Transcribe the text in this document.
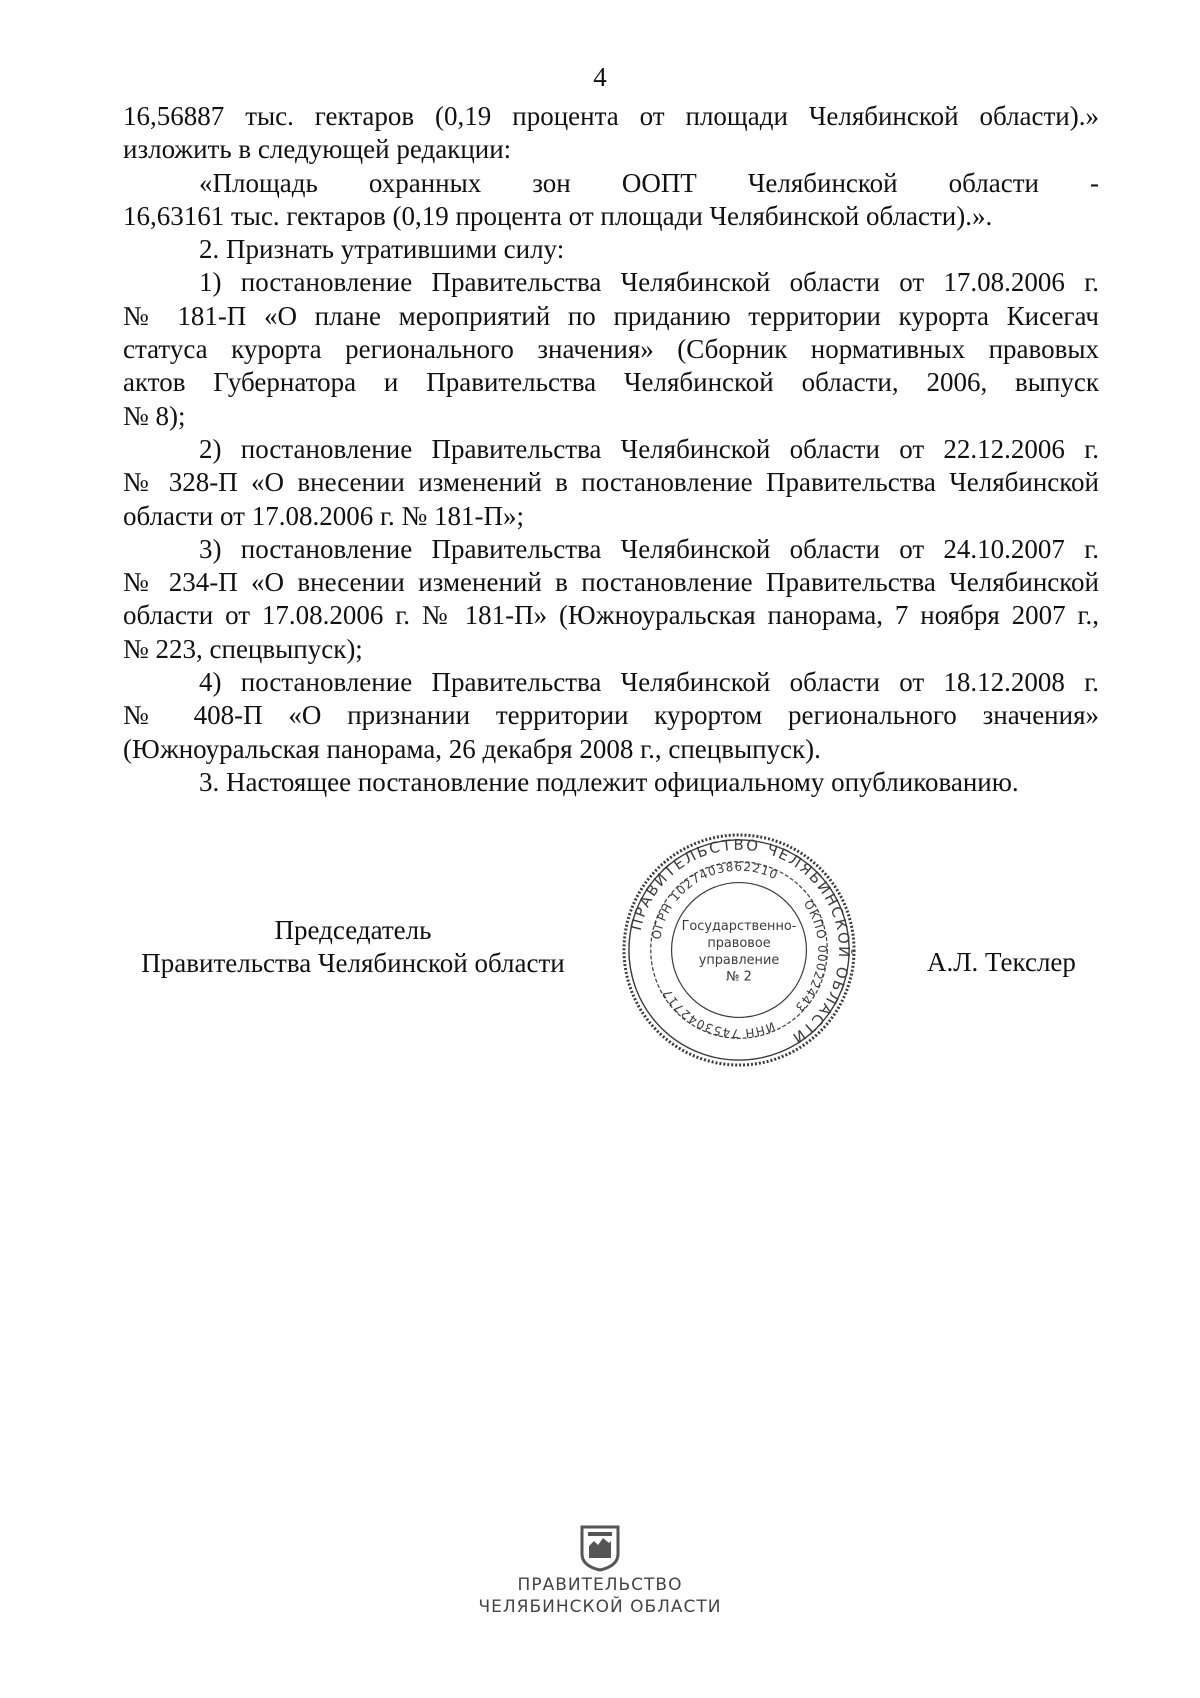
4
16,56887 тыс. гектаров (0,19 процента от площади Челябинской области).»
изложить в следующей редакции:
«Площадь охранных зон ООПТ Челябинской области -
16,63161 тыс. гектаров (0,19 процента от площади Челябинской области).».
2. Признать утратившими силу:
1) постановление Правительства Челябинской области от 17.08.2006 г.
№ 181-П «О плане мероприятий по приданию территории курорта Кисегач
статуса курорта регионального значения» (Сборник нормативных правовых
актов Губернатора и Правительства Челябинской области, 2006, выпуск
№ 8);
2) постановление Правительства Челябинской области от 22.12.2006 г.
№ 328-П «О внесении изменений в постановление Правительства Челябинской
области от 17.08.2006 г. № 181-П»;
3) постановление Правительства Челябинской области от 24.10.2007 г.
№ 234-П «О внесении изменений в постановление Правительства Челябинской
области от 17.08.2006 г. № 181-П» (Южноуральская панорама, 7 ноября 2007 г.,
№ 223, спецвыпуск);
4) постановление Правительства Челябинской области от 18.12.2008 г.
№ 408-П «О признании территории курортом регионального значения»
(Южноуральская панорама, 26 декабря 2008 г., спецвыпуск).
3. Настоящее постановление подлежит официальному опубликованию.
Председатель
Правительства Челябинской области	А.Л. Текслер
ПРАВИТЕЛЬСТВО ЧЕЛЯБИНСКОЙ ОБЛАСТИ
ОГРН 1027403862210
ОКПО 00022443
ИНН 7453042717
Государственно-
правовое
управление
№ 2
ПРАВИТЕЛЬСТВО
ЧЕЛЯБИНСКОЙ ОБЛАСТИ
